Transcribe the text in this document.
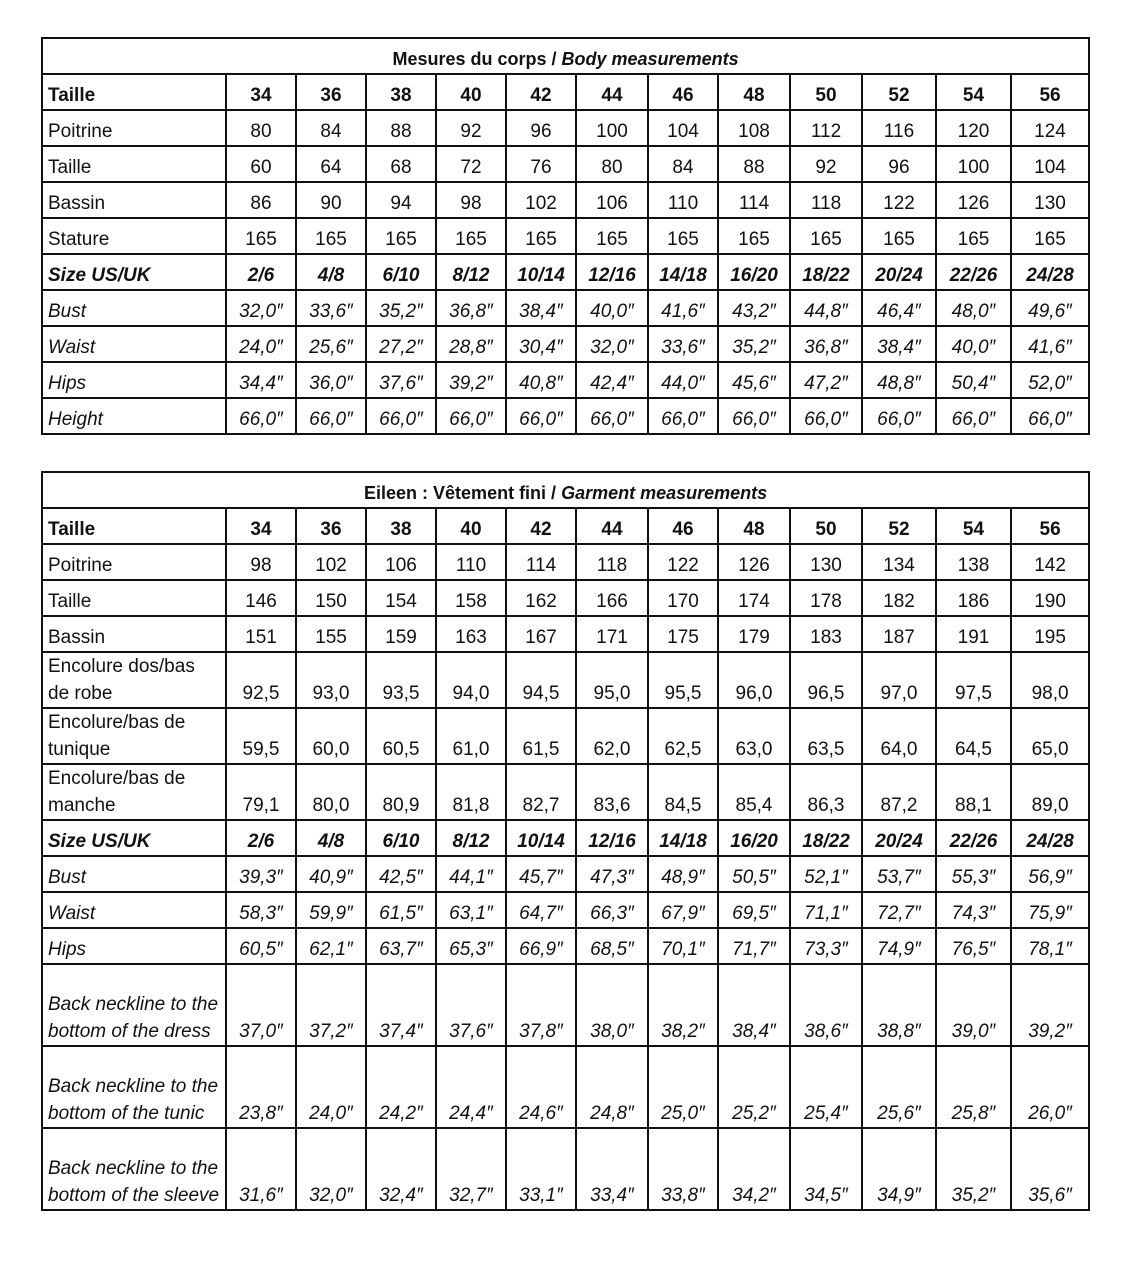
Mesures du corps / Body measurements												
Taille	34	36	38	40	42	44	46	48	50	52	54	56
Poitrine	80	84	88	92	96	100	104	108	112	116	120	124
Taille	60	64	68	72	76	80	84	88	92	96	100	104
Bassin	86	90	94	98	102	106	110	114	118	122	126	130
Stature	165	165	165	165	165	165	165	165	165	165	165	165
Size US/UK	2/6	4/8	6/10	8/12	10/14	12/16	14/18	16/20	18/22	20/24	22/26	24/28
Bust	32,0″	33,6″	35,2″	36,8″	38,4″	40,0″	41,6″	43,2″	44,8″	46,4″	48,0″	49,6″
Waist	24,0″	25,6″	27,2″	28,8″	30,4″	32,0″	33,6″	35,2″	36,8″	38,4″	40,0″	41,6″
Hips	34,4″	36,0″	37,6″	39,2″	40,8″	42,4″	44,0″	45,6″	47,2″	48,8″	50,4″	52,0″
Height	66,0″	66,0″	66,0″	66,0″	66,0″	66,0″	66,0″	66,0″	66,0″	66,0″	66,0″	66,0″
Eileen : Vêtement fini / Garment measurements												
Taille	34	36	38	40	42	44	46	48	50	52	54	56
Poitrine	98	102	106	110	114	118	122	126	130	134	138	142
Taille	146	150	154	158	162	166	170	174	178	182	186	190
Bassin	151	155	159	163	167	171	175	179	183	187	191	195
Encolure dos/bas de robe	92,5	93,0	93,5	94,0	94,5	95,0	95,5	96,0	96,5	97,0	97,5	98,0
Encolure/bas de tunique	59,5	60,0	60,5	61,0	61,5	62,0	62,5	63,0	63,5	64,0	64,5	65,0
Encolure/bas de manche	79,1	80,0	80,9	81,8	82,7	83,6	84,5	85,4	86,3	87,2	88,1	89,0
Size US/UK	2/6	4/8	6/10	8/12	10/14	12/16	14/18	16/20	18/22	20/24	22/26	24/28
Bust	39,3″	40,9″	42,5″	44,1″	45,7″	47,3″	48,9″	50,5″	52,1″	53,7″	55,3″	56,9″
Waist	58,3″	59,9″	61,5″	63,1″	64,7″	66,3″	67,9″	69,5″	71,1″	72,7″	74,3″	75,9″
Hips	60,5″	62,1″	63,7″	65,3″	66,9″	68,5″	70,1″	71,7″	73,3″	74,9″	76,5″	78,1″
Back neckline to the bottom of the dress	37,0″	37,2″	37,4″	37,6″	37,8″	38,0″	38,2″	38,4″	38,6″	38,8″	39,0″	39,2″
Back neckline to the bottom of the tunic	23,8″	24,0″	24,2″	24,4″	24,6″	24,8″	25,0″	25,2″	25,4″	25,6″	25,8″	26,0″
Back neckline to the bottom of the sleeve	31,6″	32,0″	32,4″	32,7″	33,1″	33,4″	33,8″	34,2″	34,5″	34,9″	35,2″	35,6″
